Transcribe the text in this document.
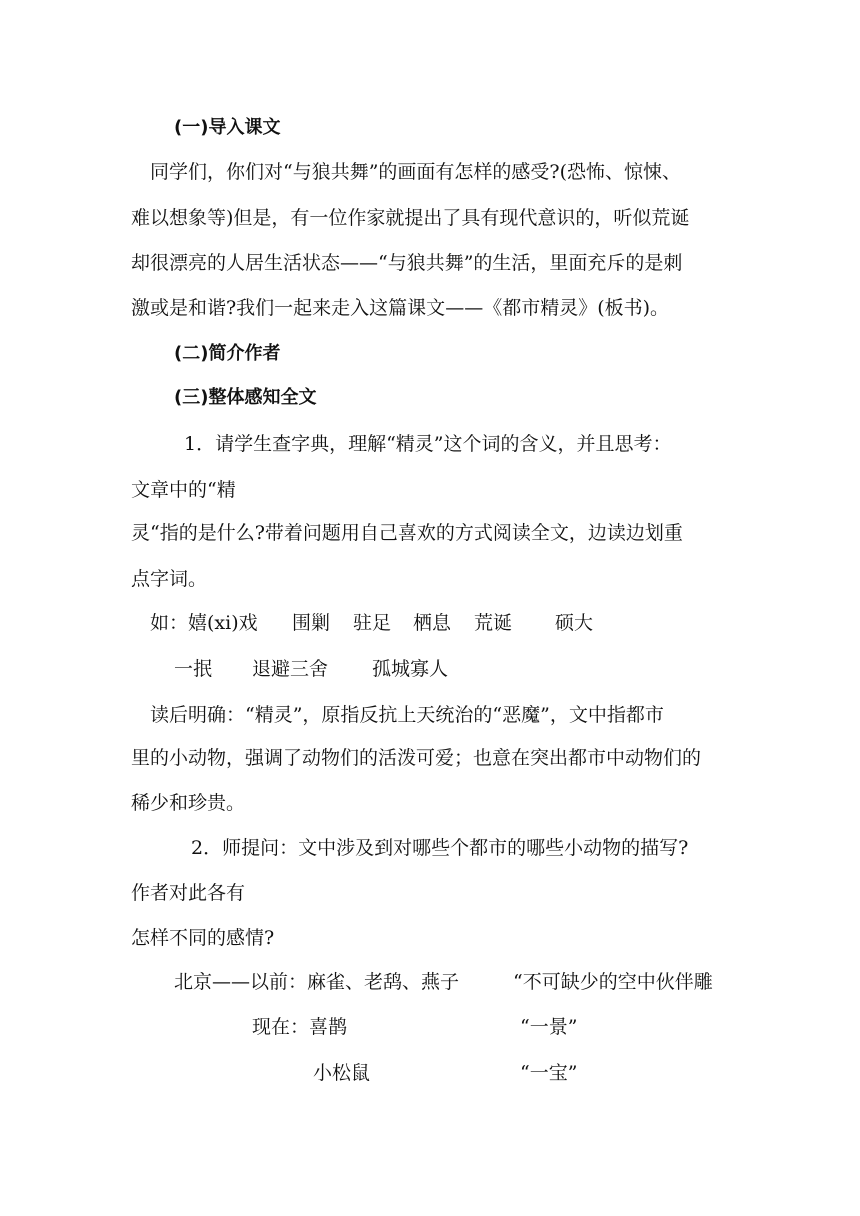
(一)导入课文
同学们，你们对“与狼共舞”的画面有怎样的感受?(恐怖、惊悚、
难以想象等)但是，有一位作家就提出了具有现代意识的，听似荒诞
却很漂亮的人居生活状态——“与狼共舞”的生活，里面充斥的是刺
激或是和谐?我们一起来走入这篇课文——《都市精灵》(板书)。
(二)简介作者
(三)整体感知全文
1．请学生查字典，理解“精灵”这个词的含义，并且思考：
文章中的“精
灵“指的是什么?带着问题用自己喜欢的方式阅读全文，边读边划重
点字词。
如：嬉(xi)戏 围剿 驻足 栖息 荒诞 硕大
一抿 退避三舍 孤城寡人
读后明确：“精灵”，原指反抗上天统治的“恶魔”，文中指都市
里的小动物，强调了动物们的活泼可爱；也意在突出都市中动物们的
稀少和珍贵。
2．师提问：文中涉及到对哪些个都市的哪些小动物的描写?
作者对此各有
怎样不同的感情?
北京——以前：麻雀、老鸹、燕子	“不可缺少的空中伙伴雕
现在：喜鹊	“一景”
小松鼠	“一宝”
